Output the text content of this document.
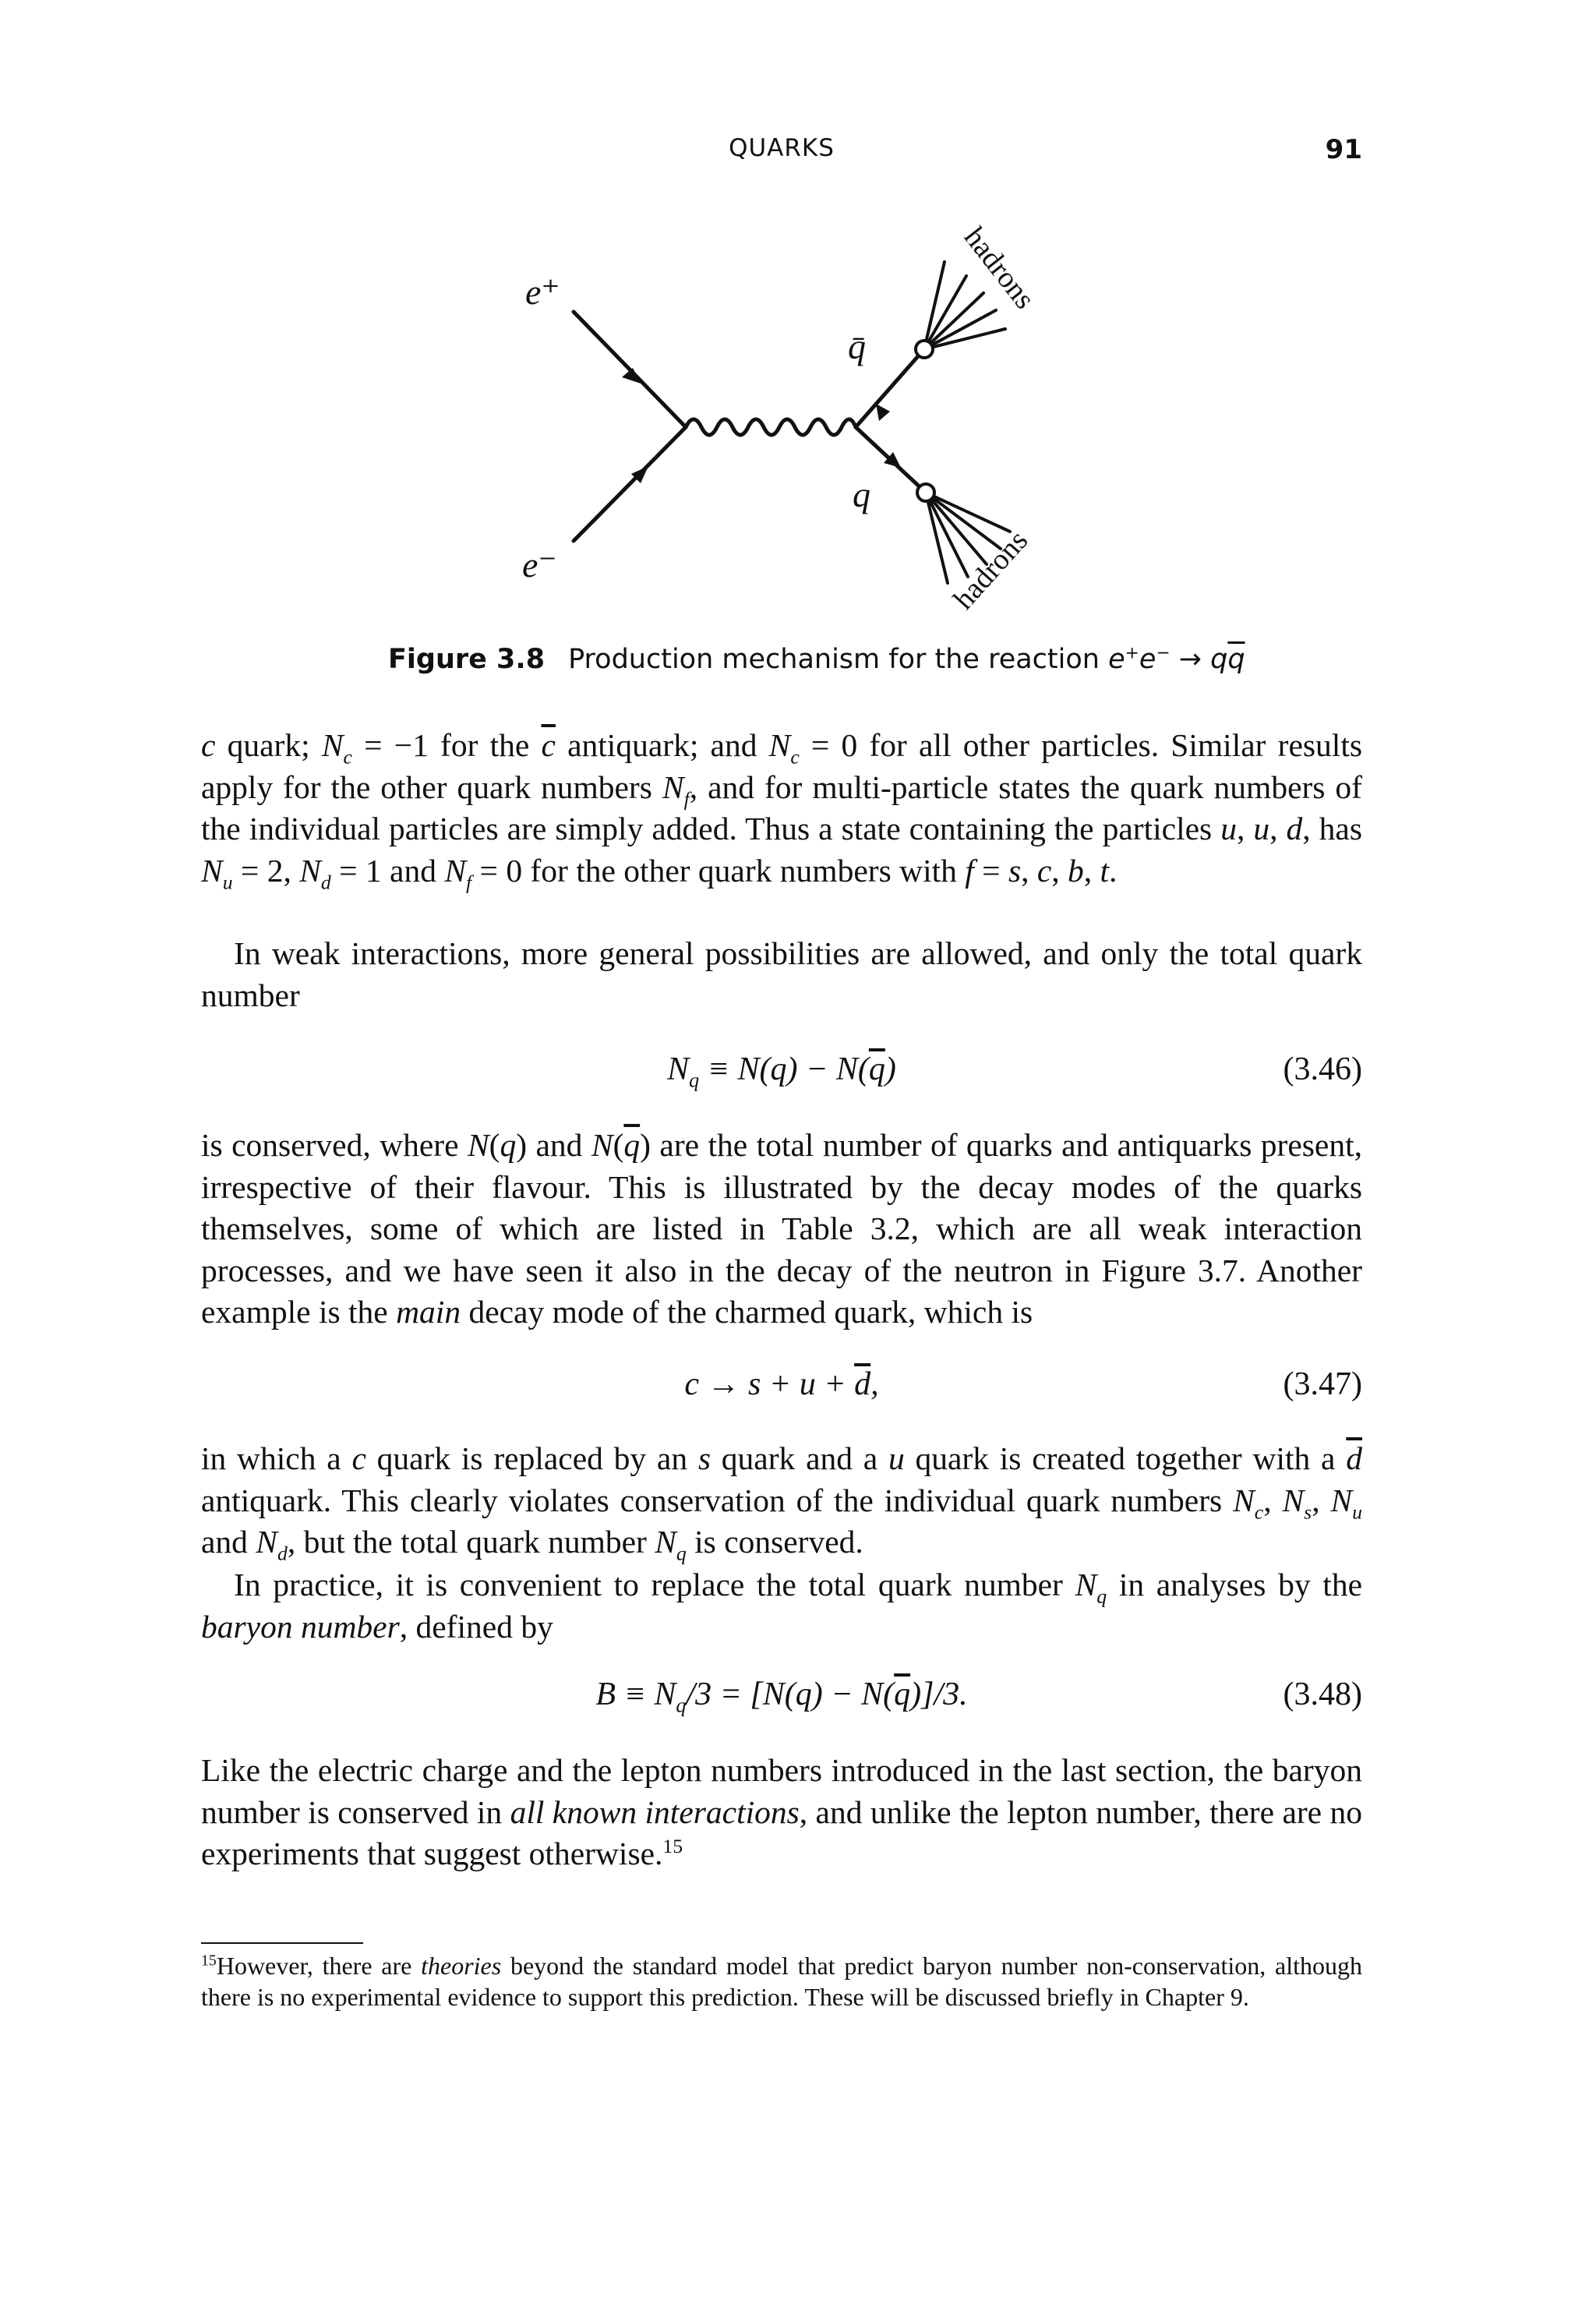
QUARKS	91
e⁺
e⁻
q̄
q
hadrons
hadrons
Figure 3.8 Production mechanism for the reaction $e^+e^- \to q\overline{q}$

c quark; $N_c = -1$ for the $\overline{c}$ antiquark; and $N_c = 0$ for all other particles. Similar results apply for the other quark numbers $N_f$, and for multi-particle states the quark numbers of the individual particles are simply added. Thus a state containing the particles u, u, d, has $N_u = 2$, $N_d = 1$ and $N_f = 0$ for the other quark numbers with f = s, c, b, t.

In weak interactions, more general possibilities are allowed, and only the total quark number

$N_q \equiv N(q) - N(\overline{q})$	(3.46)

is conserved, where N(q) and $N(\overline{q})$ are the total number of quarks and antiquarks present, irrespective of their flavour. This is illustrated by the decay modes of the quarks themselves, some of which are listed in Table 3.2, which are all weak interaction processes, and we have seen it also in the decay of the neutron in Figure 3.7. Another example is the main decay mode of the charmed quark, which is

$c \to s + u + \overline{d}$,	(3.47)

in which a c quark is replaced by an s quark and a u quark is created together with a $\overline{d}$ antiquark. This clearly violates conservation of the individual quark numbers $N_c$, $N_s$, $N_u$ and $N_d$, but the total quark number $N_q$ is conserved.

In practice, it is convenient to replace the total quark number $N_q$ in analyses by the baryon number, defined by

$B \equiv N_q/3 = [N(q) - N(\overline{q})]/3$.	(3.48)

Like the electric charge and the lepton numbers introduced in the last section, the baryon number is conserved in all known interactions, and unlike the lepton number, there are no experiments that suggest otherwise.$^{15}$

$^{15}$However, there are theories beyond the standard model that predict baryon number non-conservation, although there is no experimental evidence to support this prediction. These will be discussed briefly in Chapter 9.
